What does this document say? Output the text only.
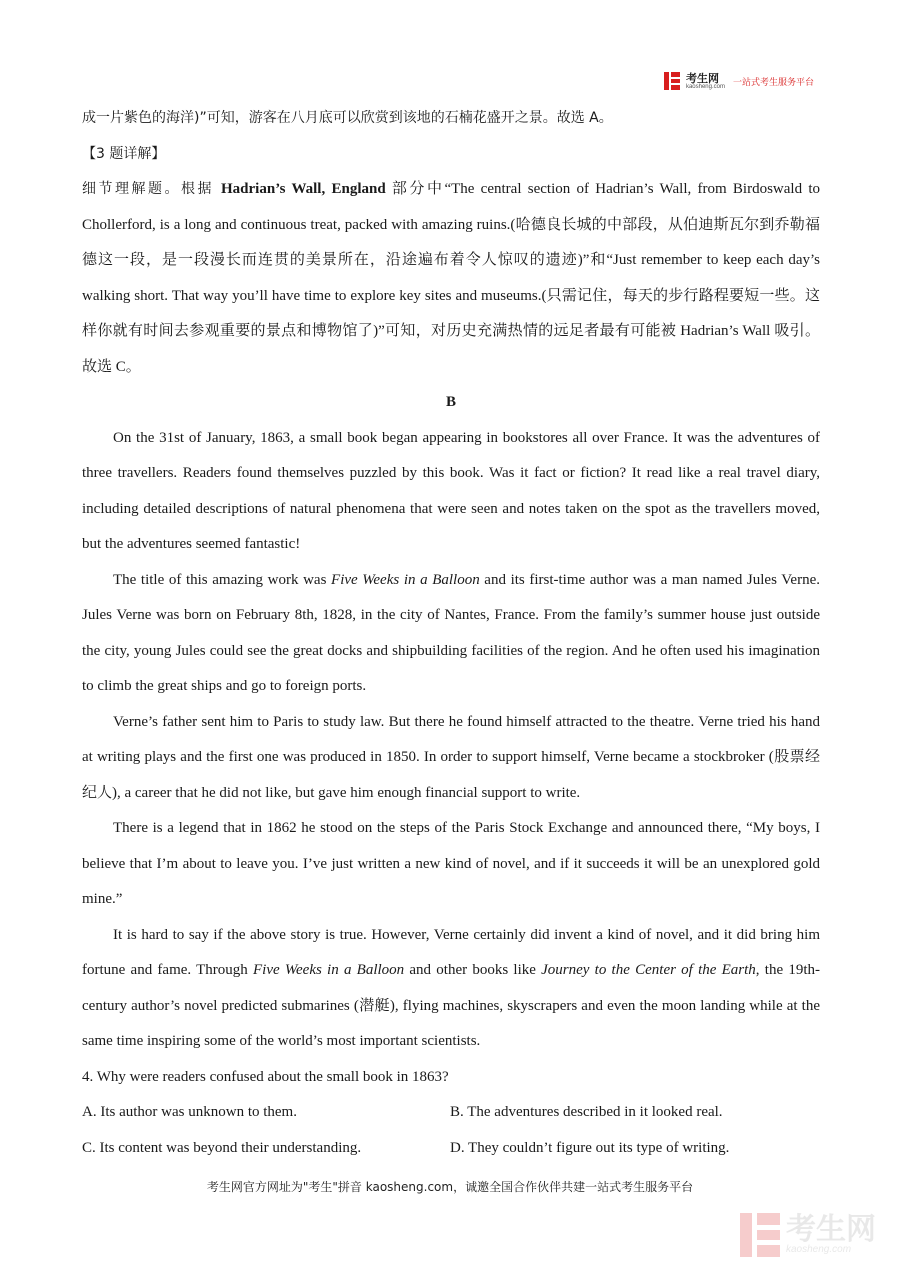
考生网
kaosheng.com 一站式考生服务平台

成一片紫色的海洋)”可知，游客在八月底可以欣赏到该地的石楠花盛开之景。故选 A。

【3 题详解】

细节理解题。根据 Hadrian’s Wall, England 部分中“The central section of Hadrian’s Wall, from Birdoswald to Chollerford, is a long and continuous treat, packed with amazing ruins.(哈德良长城的中部段，从伯迪斯瓦尔到乔勒福德这一段，是一段漫长而连贯的美景所在，沿途遍布着令人惊叹的遗迹)”和“Just remember to keep each day’s walking short. That way you’ll have time to explore key sites and museums.(只需记住，每天的步行路程要短一些。这样你就有时间去参观重要的景点和博物馆了)”可知，对历史充满热情的远足者最有可能被 Hadrian’s Wall 吸引。故选 C。

B

On the 31st of January, 1863, a small book began appearing in bookstores all over France. It was the adventures of three travellers. Readers found themselves puzzled by this book. Was it fact or fiction? It read like a real travel diary, including detailed descriptions of natural phenomena that were seen and notes taken on the spot as the travellers moved, but the adventures seemed fantastic!

The title of this amazing work was Five Weeks in a Balloon and its first-time author was a man named Jules Verne. Jules Verne was born on February 8th, 1828, in the city of Nantes, France. From the family’s summer house just outside the city, young Jules could see the great docks and shipbuilding facilities of the region. And he often used his imagination to climb the great ships and go to foreign ports.

Verne’s father sent him to Paris to study law. But there he found himself attracted to the theatre. Verne tried his hand at writing plays and the first one was produced in 1850. In order to support himself, Verne became a stockbroker (股票经纪人), a career that he did not like, but gave him enough financial support to write.

There is a legend that in 1862 he stood on the steps of the Paris Stock Exchange and announced there, “My boys, I believe that I’m about to leave you. I’ve just written a new kind of novel, and if it succeeds it will be an unexplored gold mine.”

It is hard to say if the above story is true. However, Verne certainly did invent a kind of novel, and it did bring him fortune and fame. Through Five Weeks in a Balloon and other books like Journey to the Center of the Earth, the 19th-century author’s novel predicted submarines (潜艇), flying machines, skyscrapers and even the moon landing while at the same time inspiring some of the world’s most important scientists.

4. Why were readers confused about the small book in 1863?

A. Its author was unknown to them.	B. The adventures described in it looked real.
C. Its content was beyond their understanding.	D. They couldn’t figure out its type of writing.
考生网官方网址为"考生"拼音 kaosheng.com，诚邀全国合作伙伴共建一站式考生服务平台
考生网
kaosheng.com
